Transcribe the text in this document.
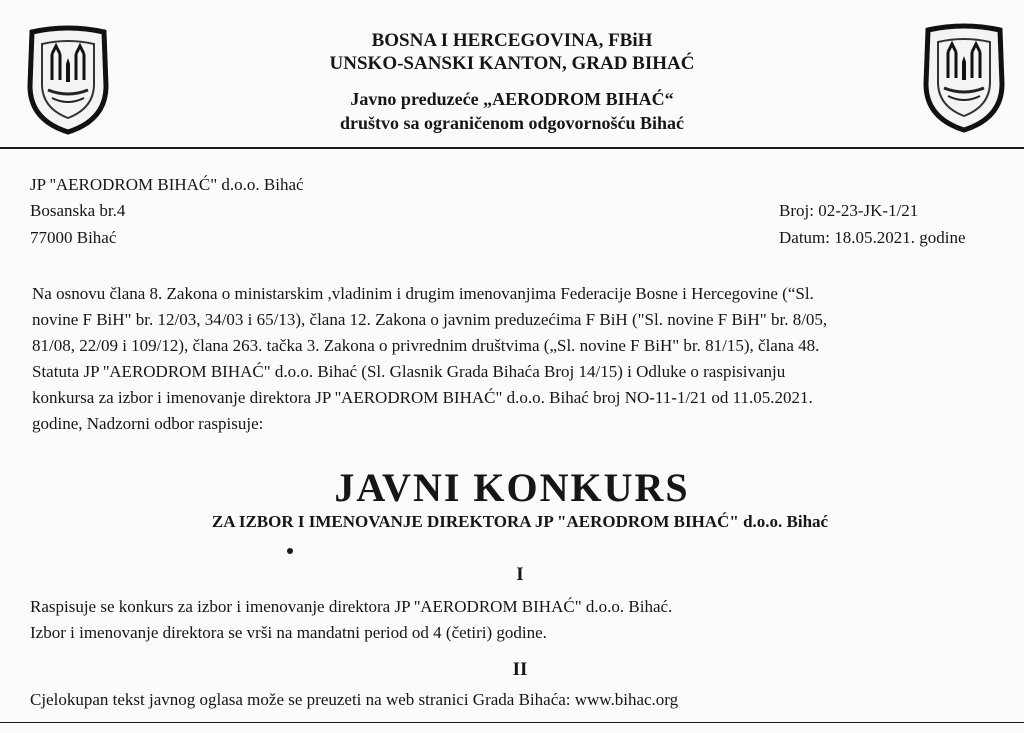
BOSNA I HERCEGOVINA, FBiH
UNSKO-SANSKI KANTON, GRAD BIHAĆ
Javno preduzeće „AERODROM BIHAĆ“
društvo sa ograničenom odgovornošću Bihać
JP ''AERODROM BIHAĆ" d.o.o. Bihać
Bosanska br.4
77000 Bihać
Broj: 02-23-JK-1/21
Datum: 18.05.2021. godine
Na osnovu člana 8. Zakona o ministarskim ,vladinim i drugim imenovanjima Federacije Bosne i Hercegovine (“Sl.
novine F BiH" br. 12/03, 34/03 i 65/13), člana 12. Zakona o javnim preduzećima F BiH ("Sl. novine F BiH" br. 8/05,
81/08, 22/09 i 109/12), člana 263. tačka 3. Zakona o privrednim društvima („Sl. novine F BiH" br. 81/15), člana 48.
Statuta JP ''AERODROM BIHAĆ" d.o.o. Bihać (Sl. Glasnik Grada Bihaća Broj 14/15) i Odluke o raspisivanju
konkursa za izbor i imenovanje direktora JP ''AERODROM BIHAĆ" d.o.o. Bihać broj NO-11-1/21 od 11.05.2021.
godine, Nadzorni odbor raspisuje:
JAVNI KONKURS
ZA IZBOR I IMENOVANJE DIREKTORA JP "AERODROM BIHAĆ" d.o.o. Bihać
I
Raspisuje se konkurs za izbor i imenovanje direktora JP ''AERODROM BIHAĆ" d.o.o. Bihać.
Izbor i imenovanje direktora se vrši na mandatni period od 4 (četiri) godine.
II
Cjelokupan tekst javnog oglasa može se preuzeti na web stranici Grada Bihaća: www.bihac.org
